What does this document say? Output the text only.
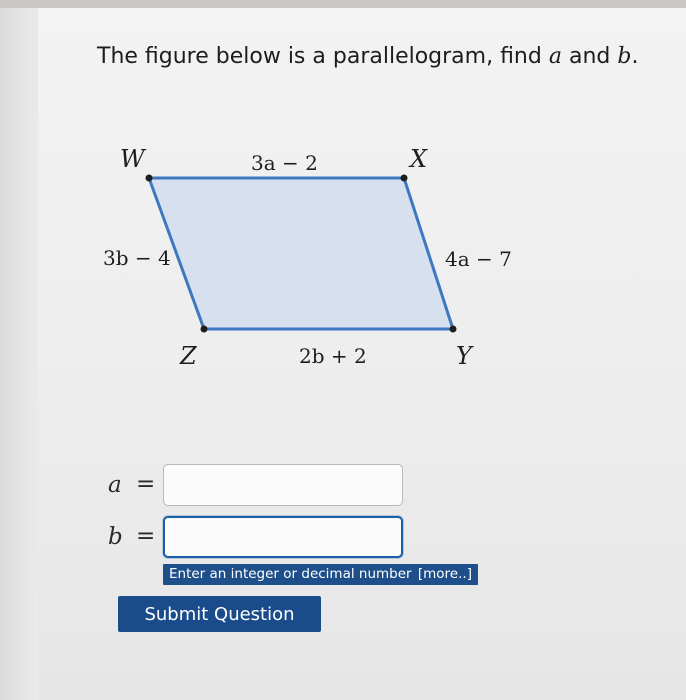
The figure below is a parallelogram, find a and b.
W	X
Y
Z
3a − 2
3b − 4	4a − 7
2b + 2
a =
b =
Enter an integer or decimal number [more..]
Submit Question
